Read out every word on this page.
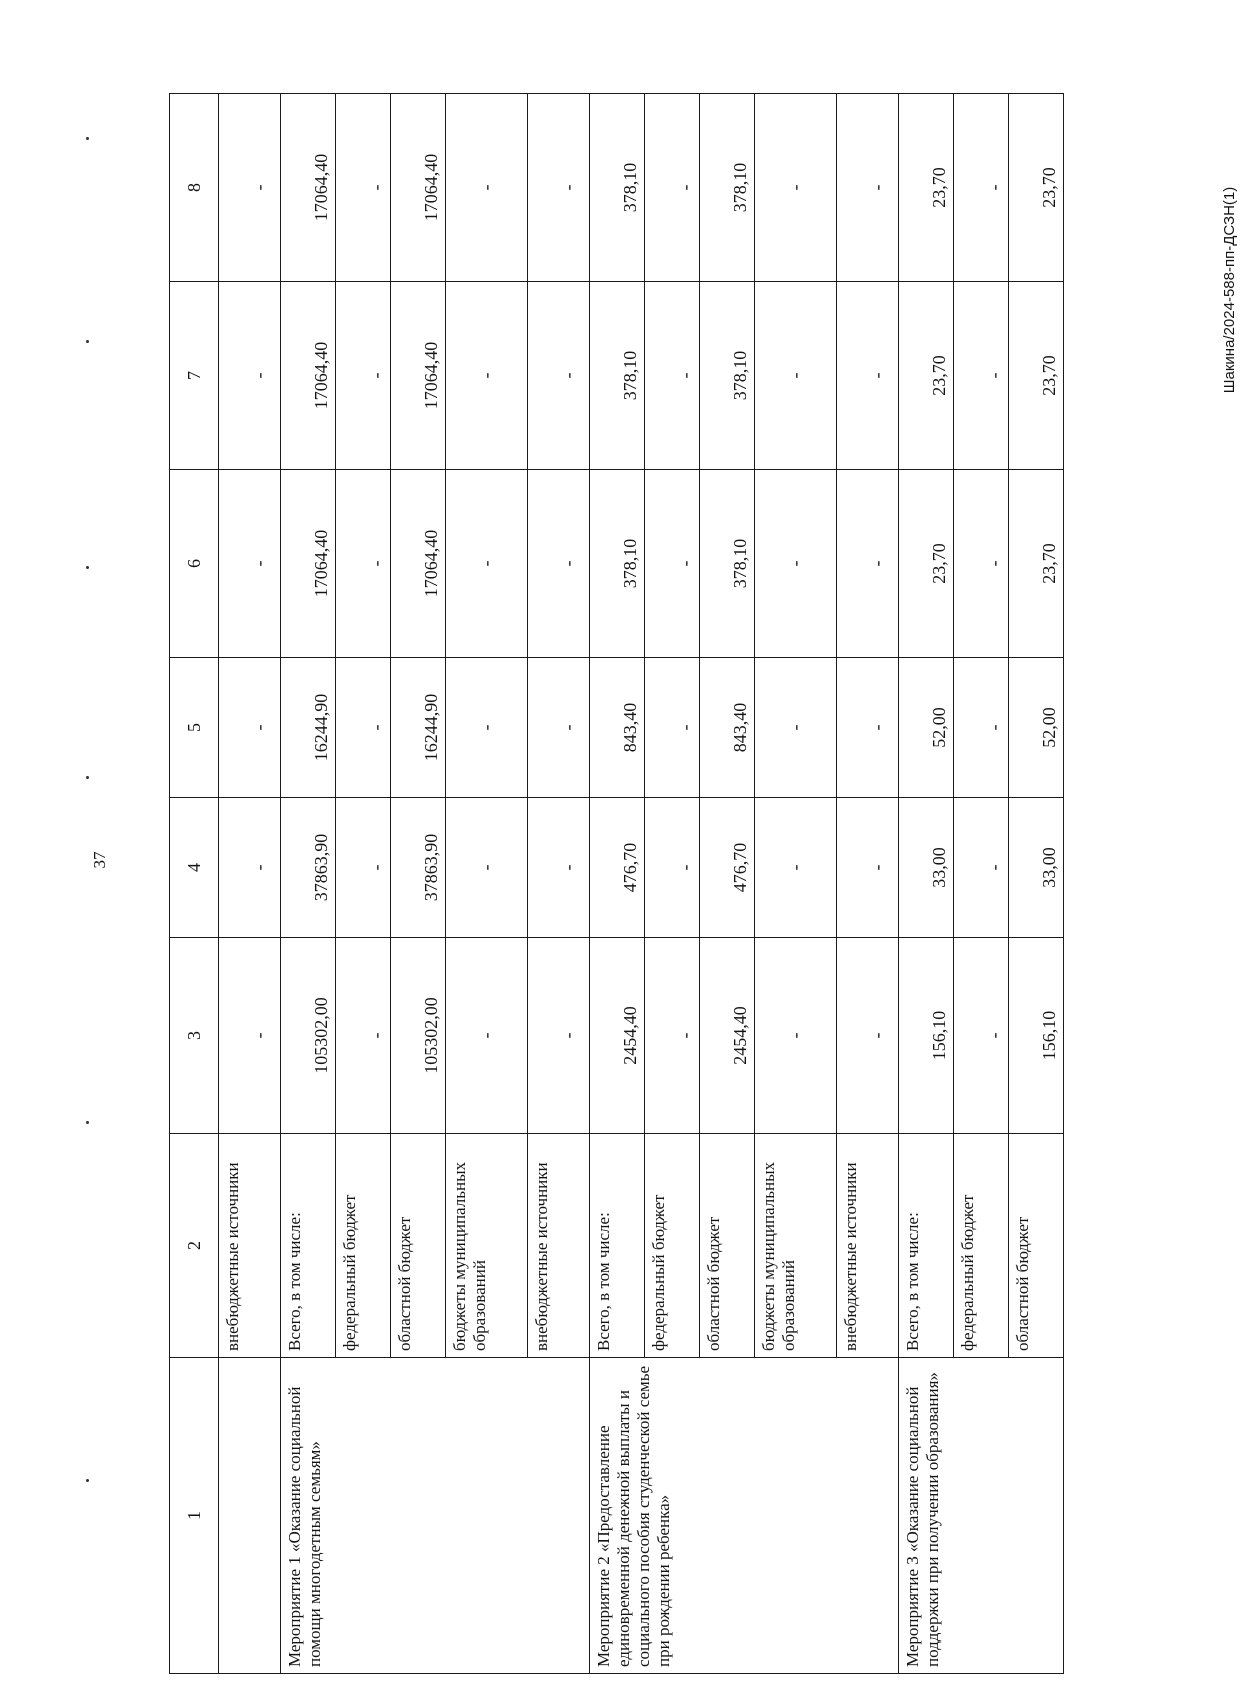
37
Шакина/2024-588-пп-ДСЗН(1)
1	2	3	4	5	6	7	8
	внебюджетные источники	-	-	-	-	-	-
Мероприятие 1 «Оказание социальной помощи многодетным семьям»	Всего, в том числе:	105302,00	37863,90	16244,90	17064,40	17064,40	17064,40
	федеральный бюджет	-	-	-	-	-	-
	областной бюджет	105302,00	37863,90	16244,90	17064,40	17064,40	17064,40
	бюджеты муниципальных образований	-	-	-	-	-	-
	внебюджетные источники	-	-	-	-	-	-
Мероприятие 2 «Предоставление единовременной денежной выплаты и социального пособия студенческой семье при рождении ребенка»	Всего, в том числе:	2454,40	476,70	843,40	378,10	378,10	378,10
	федеральный бюджет	-	-	-	-	-	-
	областной бюджет	2454,40	476,70	843,40	378,10	378,10	378,10
	бюджеты муниципальных образований	-	-	-	-	-	-
	внебюджетные источники	-	-	-	-	-	-
Мероприятие 3 «Оказание социальной поддержки при получении образования»	Всего, в том числе:	156,10	33,00	52,00	23,70	23,70	23,70
	федеральный бюджет	-	-	-	-	-	-
	областной бюджет	156,10	33,00	52,00	23,70	23,70	23,70
